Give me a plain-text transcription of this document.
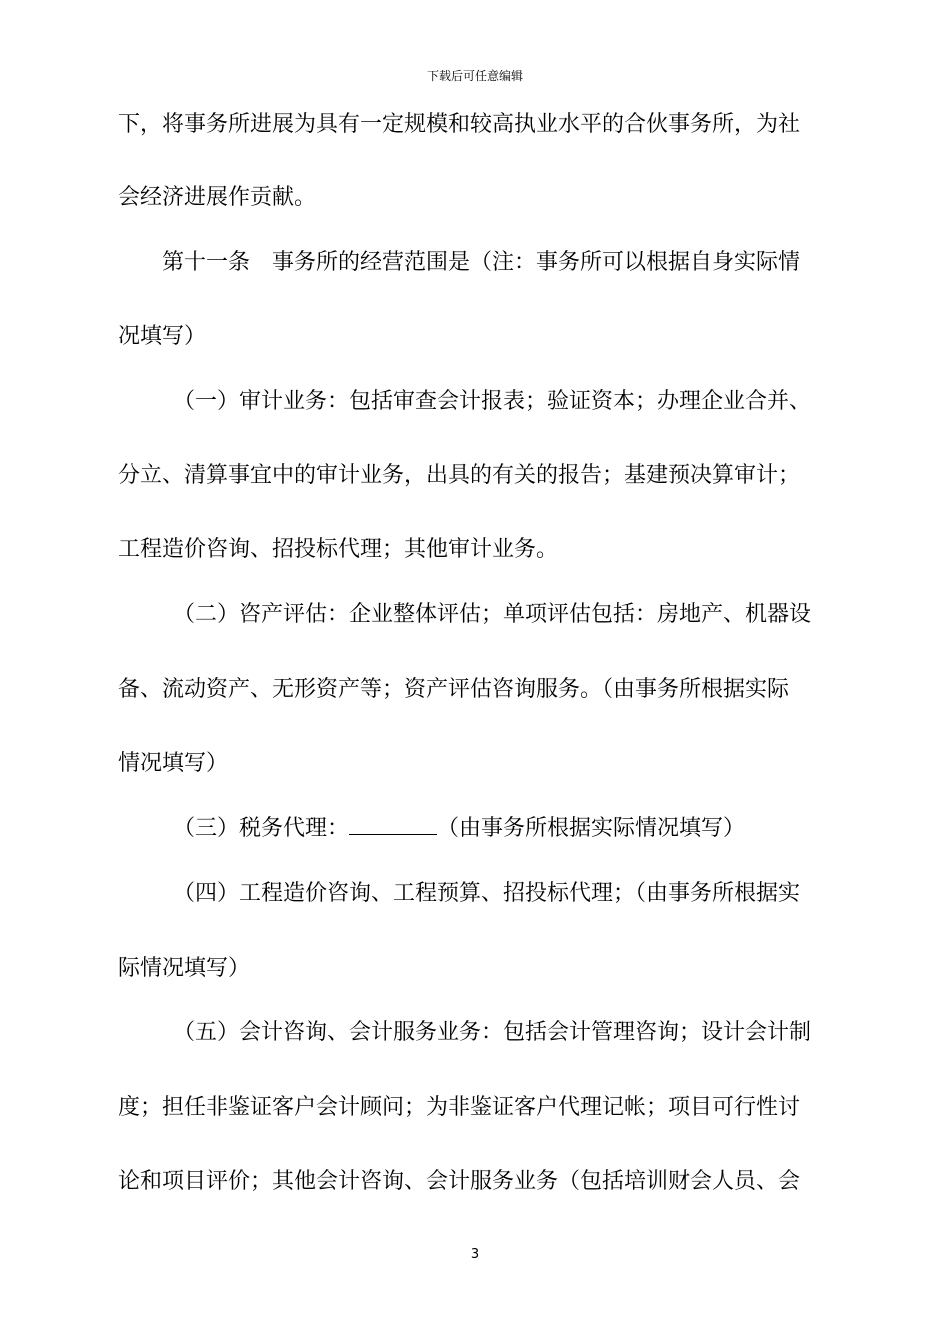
下载后可任意编辑
下，将事务所进展为具有一定规模和较高执业水平的合伙事务所，为社
会经济进展作贡献。
第十一条　事务所的经营范围是（注：事务所可以根据自身实际情
况填写）
（一）审计业务：包括审查会计报表；验证资本；办理企业合并、
分立、清算事宜中的审计业务，出具的有关的报告；基建预决算审计；
工程造价咨询、招投标代理；其他审计业务。
（二）咨产评估：企业整体评估；单项评估包括：房地产、机器设
备、流动资产、无形资产等；资产评估咨询服务。（由事务所根据实际
情况填写）
（三）税务代理：	（由事务所根据实际情况填写）
（四）工程造价咨询、工程预算、招投标代理；（由事务所根据实
际情况填写）
（五）会计咨询、会计服务业务：包括会计管理咨询；设计会计制
度；担任非鉴证客户会计顾问；为非鉴证客户代理记帐；项目可行性讨
论和项目评价；其他会计咨询、会计服务业务（包括培训财会人员、会
3
